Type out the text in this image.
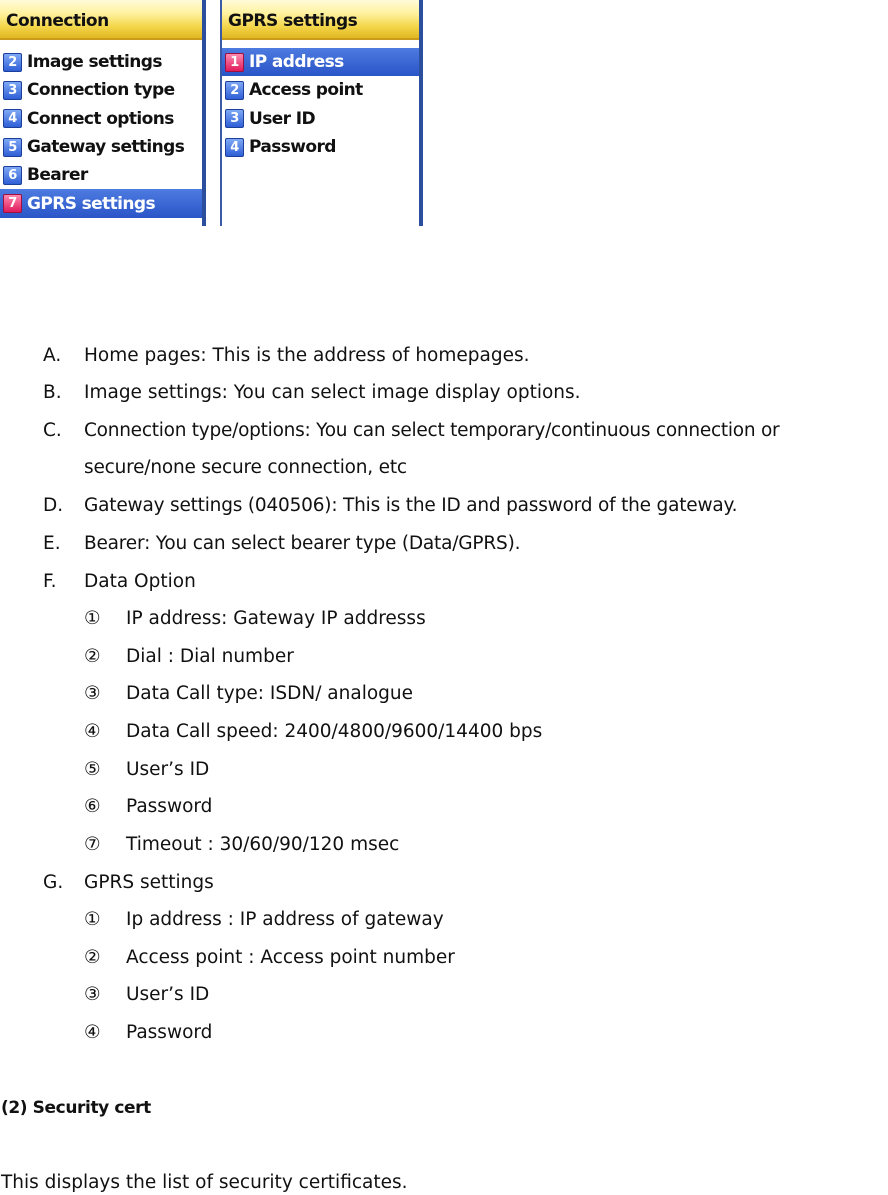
Connection
2 Image settings
3 Connection type
4 Connect options
5 Gateway settings
6 Bearer
7 GPRS settings
GPRS settings
1 IP address
2 Access point
3 User ID
4 Password
A. Home pages: This is the address of homepages.
B. Image settings: You can select image display options.
C. Connection type/options: You can select temporary/continuous connection or
secure/none secure connection, etc
D. Gateway settings (040506): This is the ID and password of the gateway.
E. Bearer: You can select bearer type (Data/GPRS).
F. Data Option
① IP address: Gateway IP addresss
② Dial : Dial number
③ Data Call type: ISDN/ analogue
④ Data Call speed: 2400/4800/9600/14400 bps
⑤ User’s ID
⑥ Password
⑦ Timeout : 30/60/90/120 msec
G. GPRS settings
① Ip address : IP address of gateway
② Access point : Access point number
③ User’s ID
④ Password
(2) Security cert
This displays the list of security certificates.
